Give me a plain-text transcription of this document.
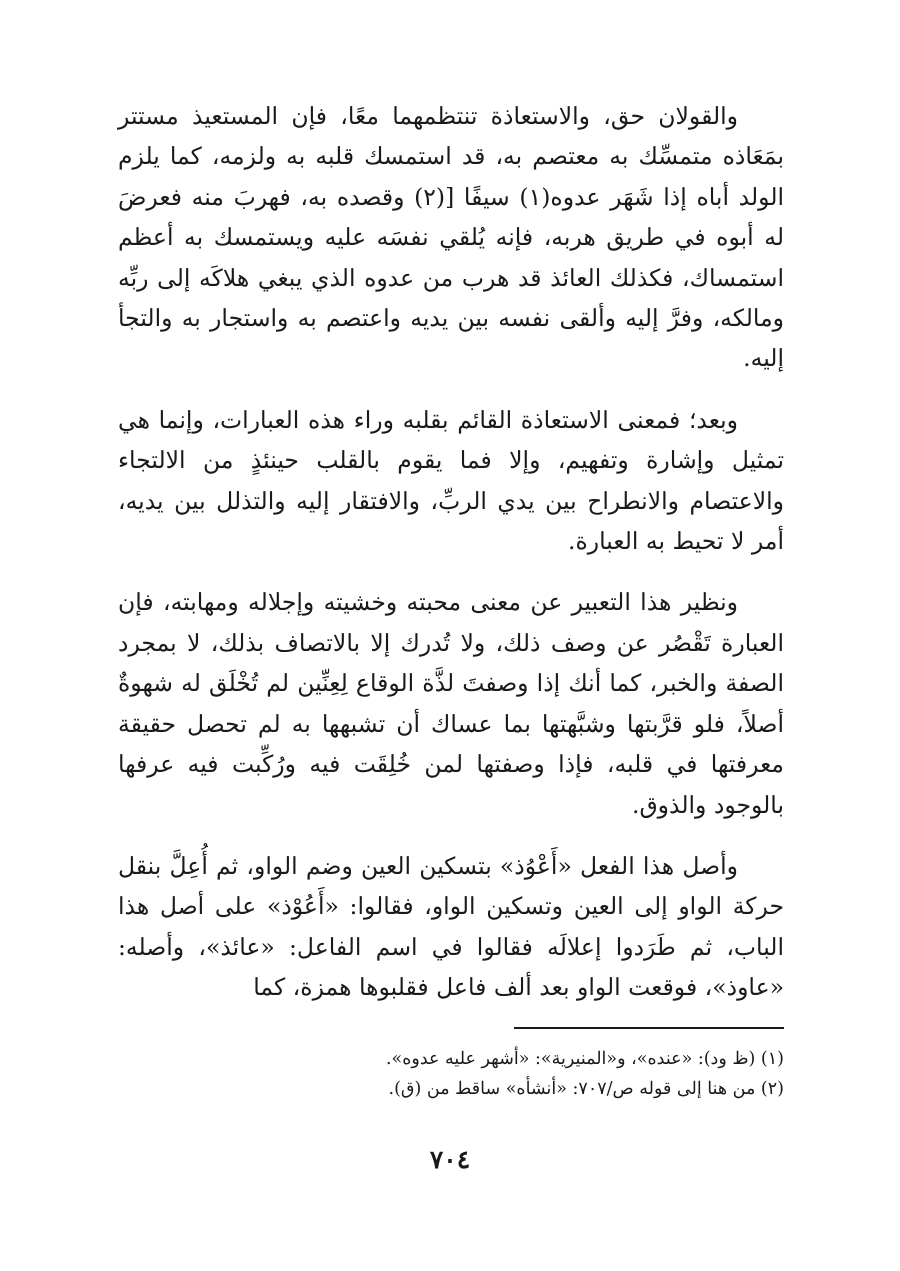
والقولان حق، والاستعاذة تنتظمهما معًا، فإن المستعيذ مستتر بمَعَاذه متمسِّك به معتصم به، قد استمسك قلبه به ولزمه، كما يلزم الولد أباه إذا شَهَر عدوه(١) سيفًا [(٢) وقصده به، فهربَ منه فعرضَ له أبوه في طريق هربه، فإنه يُلقي نفسَه عليه ويستمسك به أعظم استمساك، فكذلك العائذ قد هرب من عدوه الذي يبغي هلاكَه إلى ربِّه ومالكه، وفرَّ إليه وألقى نفسه بين يديه واعتصم به واستجار به والتجأ إليه.

وبعد؛ فمعنى الاستعاذة القائم بقلبه وراء هذه العبارات، وإنما هي تمثيل وإشارة وتفهيم، وإلا فما يقوم بالقلب حينئذٍ من الالتجاء والاعتصام والانطراح بين يدي الربِّ، والافتقار إليه والتذلل بين يديه، أمر لا تحيط به العبارة.

ونظير هذا التعبير عن معنى محبته وخشيته وإجلاله ومهابته، فإن العبارة تَقْصُر عن وصف ذلك، ولا تُدرك إلا بالاتصاف بذلك، لا بمجرد الصفة والخبر، كما أنك إذا وصفتَ لذَّة الوقاع لِعِنِّين لم تُخْلَق له شهوةٌ أصلاً، فلو قرَّبتها وشبَّهتها بما عساك أن تشبهها به لم تحصل حقيقة معرفتها في قلبه، فإذا وصفتها لمن خُلِقَت فيه ورُكِّبت فيه عرفها بالوجود والذوق.

وأصل هذا الفعل «أَعْوُذ» بتسكين العين وضم الواو، ثم أُعِلَّ بنقل حركة الواو إلى العين وتسكين الواو، فقالوا: «أَعُوْذ» على أصل هذا الباب، ثم طَرَدوا إعلالَه فقالوا في اسم الفاعل: «عائذ»، وأصله: «عاوذ»، فوقعت الواو بعد ألف فاعل فقلبوها همزة، كما

(١) (ظ ود): «عنده»، و«المنيرية»: «أشهر عليه عدوه».

(٢) من هنا إلى قوله ص/٧٠٧: «أنشأه» ساقط من (ق).

٧٠٤
